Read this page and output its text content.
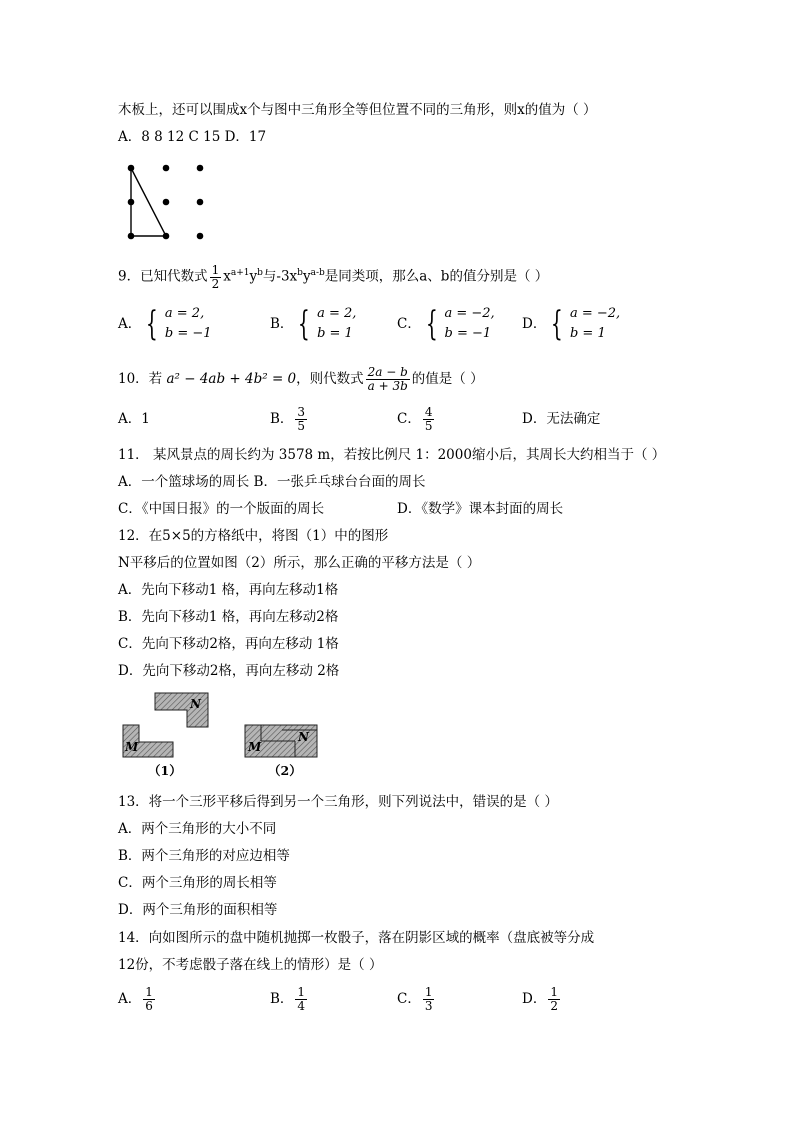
木板上，还可以围成x个与图中三角形全等但位置不同的三角形，则x的值为（ ）
A．8 8 12 C 15 D．17
9．已知代数式 $\frac{1}{2} x^{a+1}y^b$与$-3x^by^{a-b}$是同类项，那么a、b的值分别是（ ）
A． { a = 2,
b = −1
B． { a = 2,
b = 1
C． { a = −2,
b = −1
D． { a = −2,
b = 1
10．若 a² − 4ab + 4b² = 0，则代数式 $\frac{2a - b}{a + 3b}$ 的值是（ ）
A．1	B． $\frac{3}{5}$	C． $\frac{4}{5}$	D．无法确定
11． 某风景点的周长约为 3578 m，若按比例尺 1：2000缩小后，其周长大约相当于（ ）
A．一个篮球场的周长 B．一张乒乓球台台面的周长
C．《中国日报》的一个版面的周长	D．《数学》课本封面的周长
12．在5×5的方格纸中，将图（1）中的图形
N平移后的位置如图（2）所示，那么正确的平移方法是（ ）
A．先向下移动1 格，再向左移动1格
B．先向下移动1 格，再向左移动2格
C．先向下移动2格，再向左移动 1格
D．先向下移动2格，再向左移动 2格
N
M
N
M
（1）	（2）
13．将一个三形平移后得到另一个三角形，则下列说法中，错误的是（ ）
A．两个三角形的大小不同
B．两个三角形的对应边相等
C．两个三角形的周长相等
D．两个三角形的面积相等
14．向如图所示的盘中随机抛掷一枚骰子，落在阴影区域的概率（盘底被等分成
12份，不考虑骰子落在线上的情形）是（ ）
A． $\frac{1}{6}$	B． $\frac{1}{4}$	C． $\frac{1}{3}$	D． $\frac{1}{2}$
